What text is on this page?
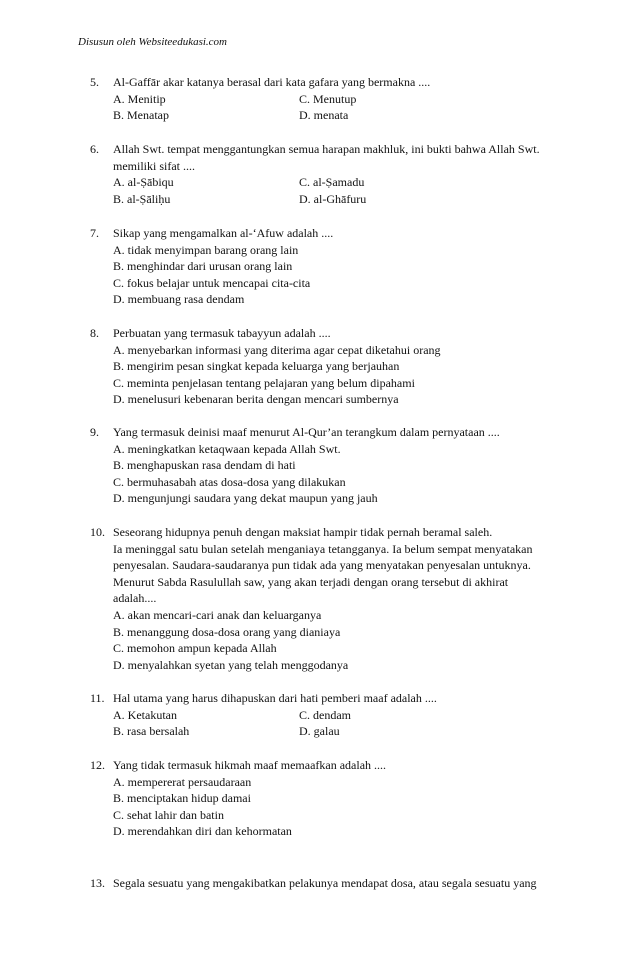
Disusun oleh Websiteedukasi.com
5. Al-Gaffār akar katanya berasal dari kata gafara yang bermakna ....
A. Menitip	C. Menutup
B. Menatap	D. menata
6. Allah Swt. tempat menggantungkan semua harapan makhluk, ini bukti bahwa Allah Swt.
memiliki sifat ....
A. al-Ṣābiqu	C. al-Ṣamadu
B. al-Ṣāliḥu	D. al-Ghāfuru
7. Sikap yang mengamalkan al-‘Afuw adalah ....
A. tidak menyimpan barang orang lain
B. menghindar dari urusan orang lain
C. fokus belajar untuk mencapai cita-cita
D. membuang rasa dendam
8. Perbuatan yang termasuk tabayyun adalah ....
A. menyebarkan informasi yang diterima agar cepat diketahui orang
B. mengirim pesan singkat kepada keluarga yang berjauhan
C. meminta penjelasan tentang pelajaran yang belum dipahami
D. menelusuri kebenaran berita dengan mencari sumbernya
9. Yang termasuk deinisi maaf menurut Al-Qur’an terangkum dalam pernyataan ....
A. meningkatkan ketaqwaan kepada Allah Swt.
B. menghapuskan rasa dendam di hati
C. bermuhasabah atas dosa-dosa yang dilakukan
D. mengunjungi saudara yang dekat maupun yang jauh
10. Seseorang hidupnya penuh dengan maksiat hampir tidak pernah beramal saleh.
Ia meninggal satu bulan setelah menganiaya tetangganya. Ia belum sempat menyatakan
penyesalan. Saudara-saudaranya pun tidak ada yang menyatakan penyesalan untuknya.
Menurut Sabda Rasulullah saw, yang akan terjadi dengan orang tersebut di akhirat
adalah....
A. akan mencari-cari anak dan keluarganya
B. menanggung dosa-dosa orang yang dianiaya
C. memohon ampun kepada Allah
D. menyalahkan syetan yang telah menggodanya
11. Hal utama yang harus dihapuskan dari hati pemberi maaf adalah ....
A. Ketakutan	C. dendam
B. rasa bersalah	D. galau
12. Yang tidak termasuk hikmah maaf memaafkan adalah ....
A. mempererat persaudaraan
B. menciptakan hidup damai
C. sehat lahir dan batin
D. merendahkan diri dan kehormatan
13. Segala sesuatu yang mengakibatkan pelakunya mendapat dosa, atau segala sesuatu yang
